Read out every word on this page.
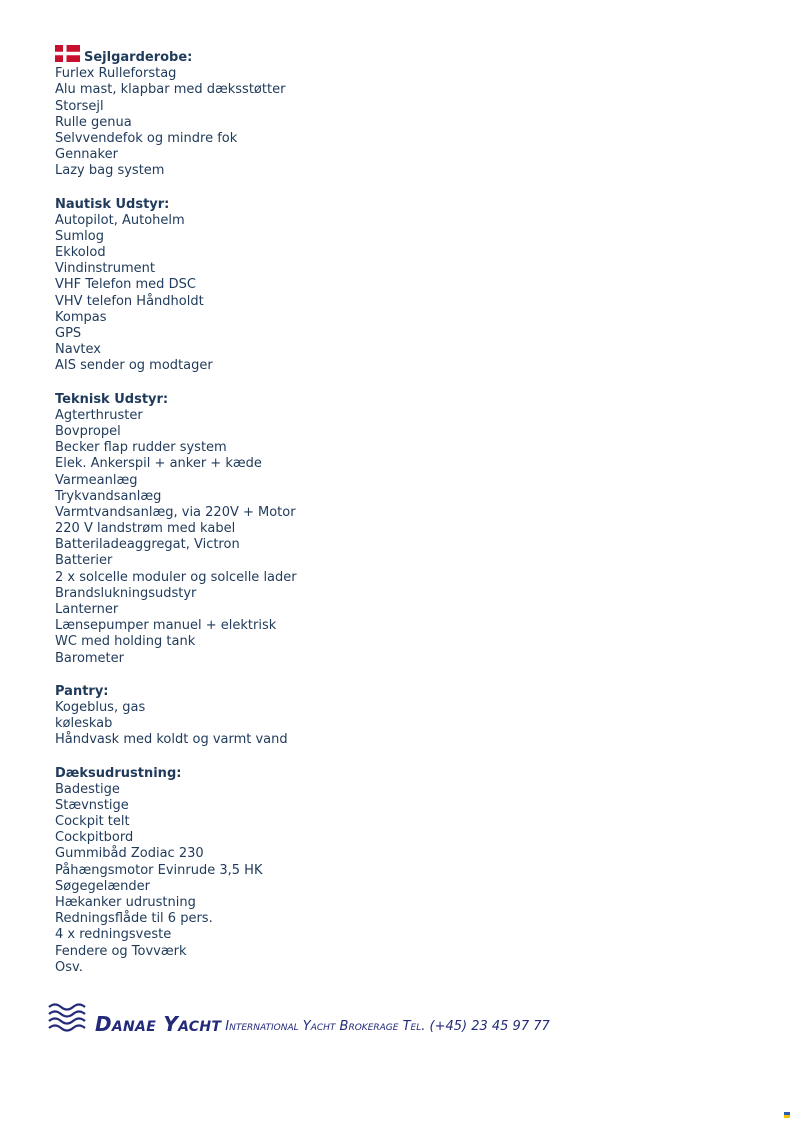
Sejlgarderobe:
Furlex Rulleforstag
Alu mast, klapbar med dæksstøtter
Storsejl
Rulle genua
Selvvendefok og mindre fok
Gennaker
Lazy bag system
Nautisk Udstyr:
Autopilot, Autohelm
Sumlog
Ekkolod
Vindinstrument
VHF Telefon med DSC
VHV telefon Håndholdt
Kompas
GPS
Navtex
AIS sender og modtager
Teknisk Udstyr:
Agterthruster
Bovpropel
Becker flap rudder system
Elek. Ankerspil + anker + kæde
Varmeanlæg
Trykvandsanlæg
Varmtvandsanlæg, via 220V + Motor
220 V landstrøm med kabel
Batteriladeaggregat, Victron
Batterier
2 x solcelle moduler og solcelle lader
Brandslukningsudstyr
Lanterner
Lænsepumper manuel + elektrisk
WC med holding tank
Barometer
Pantry:
Kogeblus, gas
køleskab
Håndvask med koldt og varmt vand
Dæksudrustning:
Badestige
Stævnstige
Cockpit telt
Cockpitbord
Gummibåd Zodiac 230
Påhængsmotor Evinrude 3,5 HK
Søgegelænder
Hækanker udrustning
Redningsflåde til 6 pers.
4 x redningsveste
Fendere og Tovværk
Osv.
Danae Yacht International Yacht Brokerage Tel. (+45) 23 45 97 77
